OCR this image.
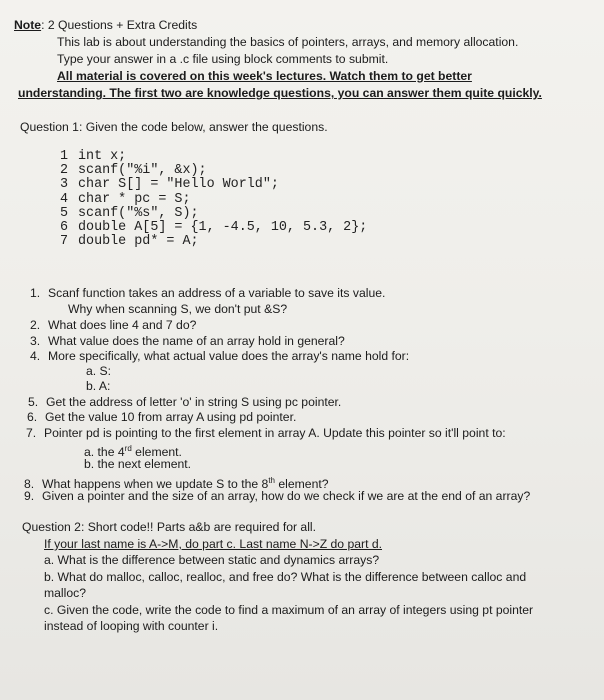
Note: 2 Questions + Extra Credits
This lab is about understanding the basics of pointers, arrays, and memory allocation.
Type your answer in a .c file using block comments to submit.
All material is covered on this week's lectures. Watch them to get better
understanding. The first two are knowledge questions, you can answer them quite quickly.
Question 1: Given the code below, answer the questions.
1 int x;
2 scanf("%i", &x);
3 char S[] = "Hello World";
4 char * pc = S;
5 scanf("%s", S);
6 double A[5] = {1, -4.5, 10, 5.3, 2};
7 double pd* = A;
1. Scanf function takes an address of a variable to save its value.
Why when scanning S, we don't put &S?
2. What does line 4 and 7 do?
3. What value does the name of an array hold in general?
4. More specifically, what actual value does the array's name hold for:
a. S:
b. A:
5. Get the address of letter 'o' in string S using pc pointer.
6. Get the value 10 from array A using pd pointer.
7. Pointer pd is pointing to the first element in array A. Update this pointer so it'll point to:
a. the 4rd element.
b. the next element.
8. What happens when we update S to the 8th element?
9. Given a pointer and the size of an array, how do we check if we are at the end of an array?
Question 2: Short code!! Parts a&b are required for all.
If your last name is A->M, do part c. Last name N->Z do part d.
a. What is the difference between static and dynamics arrays?
b. What do malloc, calloc, realloc, and free do? What is the difference between calloc and
malloc?
c. Given the code, write the code to find a maximum of an array of integers using pt pointer
instead of looping with counter i.
